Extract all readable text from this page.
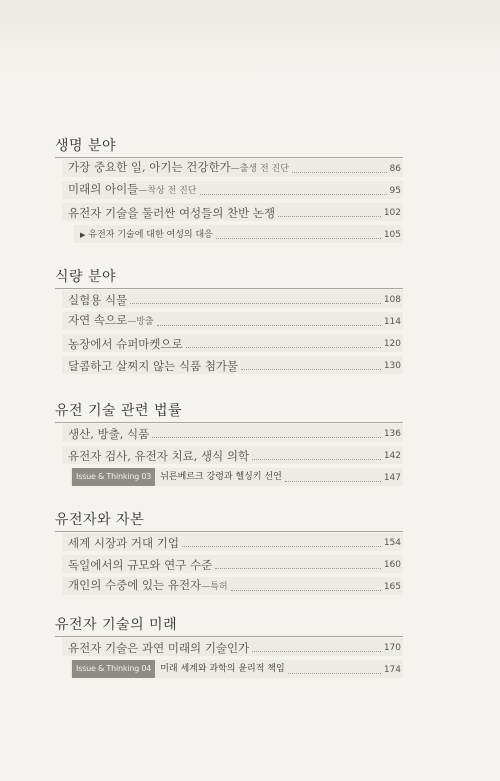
생명 분야
가장 중요한 일, 아기는 건강한가—출생 전 진단	86
미래의 아이들—착상 전 진단	95
유전자 기술을 둘러싼 여성들의 찬반 논쟁	102
▶ 유전자 기술에 대한 여성의 대응	105
식량 분야
실험용 식물	108
자연 속으로—방출	114
농장에서 슈퍼마켓으로	120
달콤하고 살찌지 않는 식품 첨가물	130
유전 기술 관련 법률
생산, 방출, 식품	136
유전자 검사, 유전자 치료, 생식 의학	142
Issue & Thinking 03 뉘른베르크 강령과 헬싱키 선언	147
유전자와 자본
세계 시장과 거대 기업	154
독일에서의 규모와 연구 수준	160
개인의 수중에 있는 유전자—특허	165
유전자 기술의 미래
유전자 기술은 과연 미래의 기술인가	170
Issue & Thinking 04 미래 세계와 과학의 윤리적 책임	174
